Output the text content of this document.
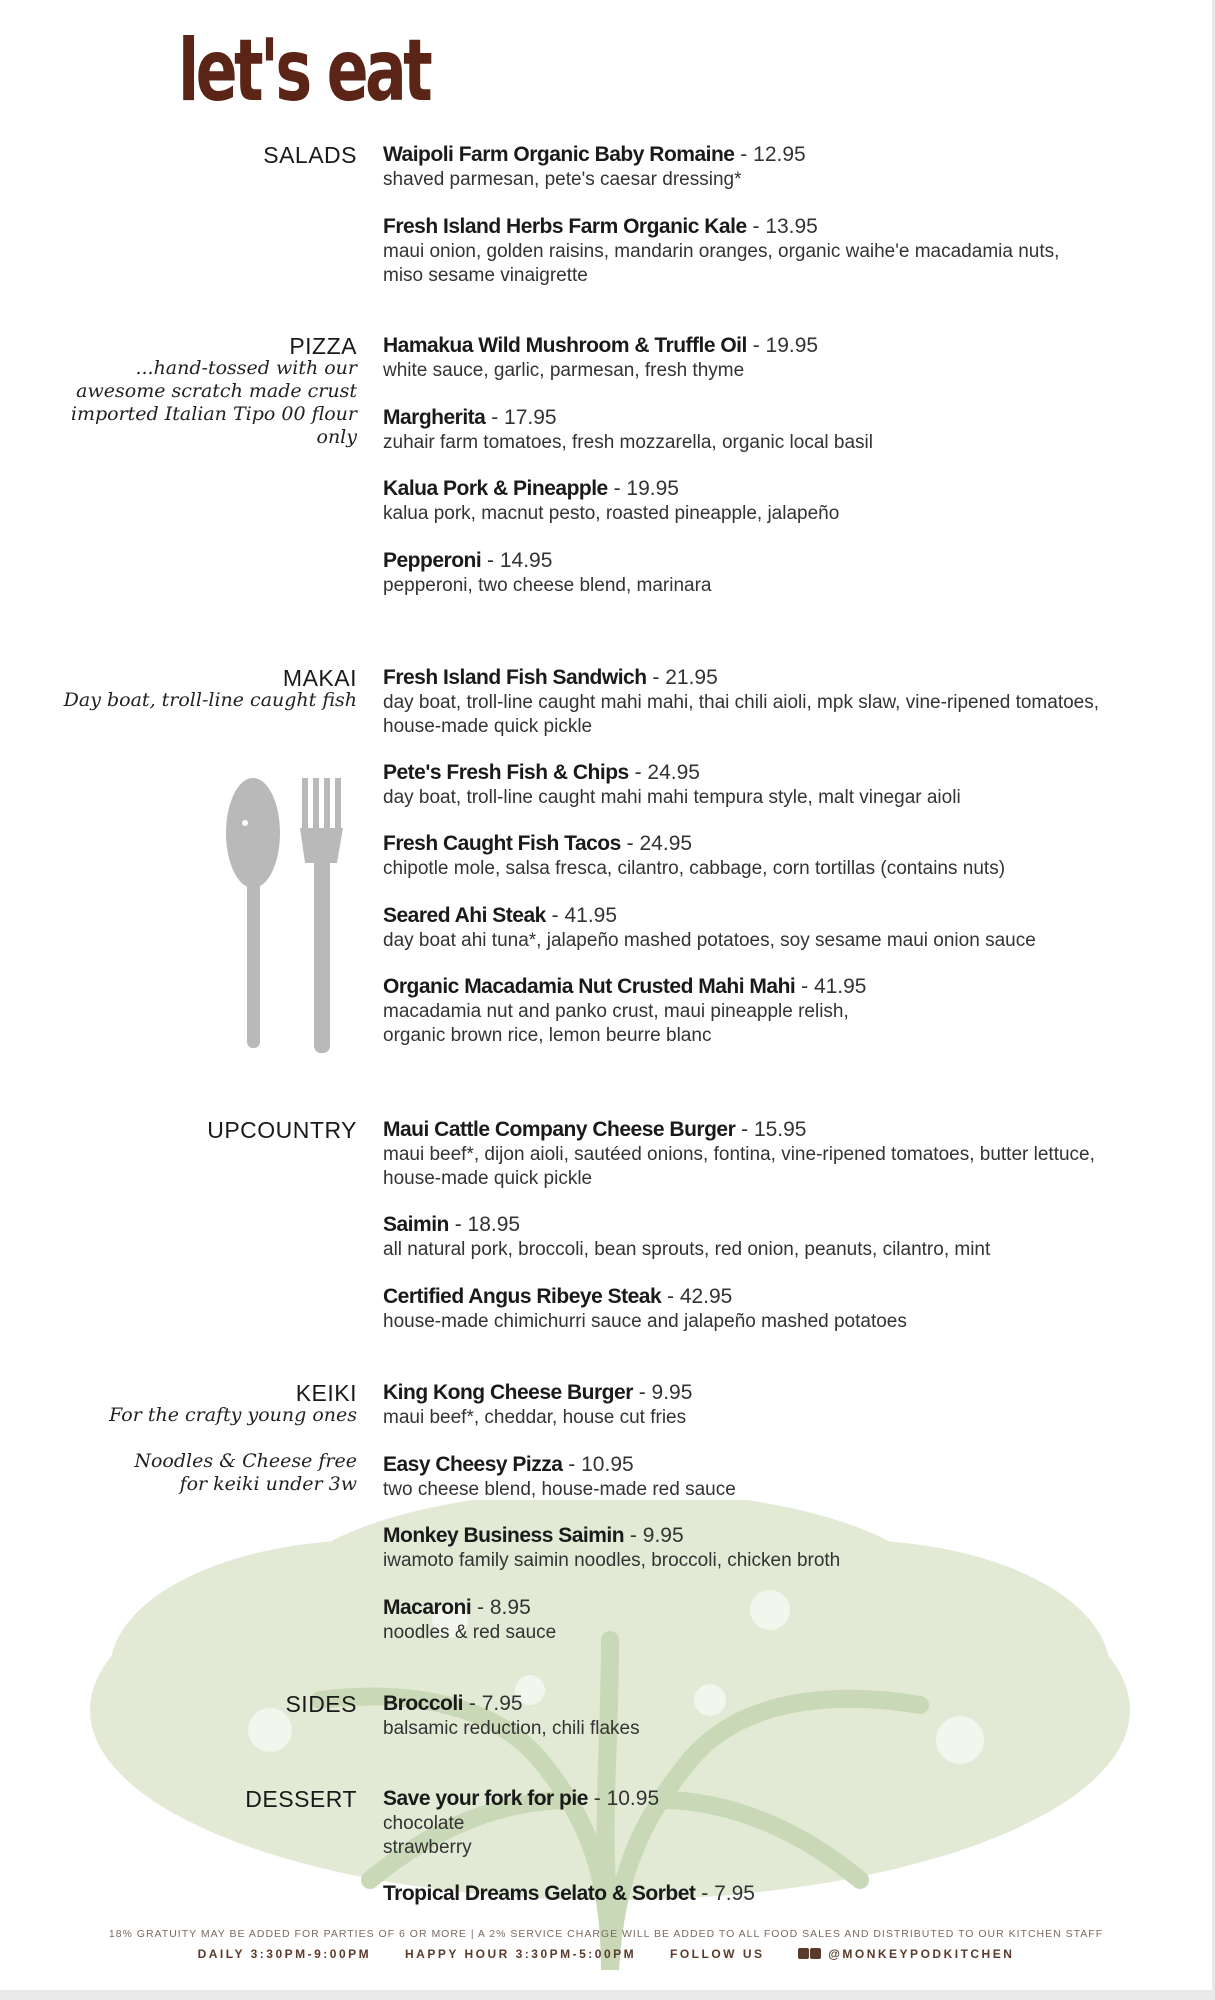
let's eat
SALADS Waipoli Farm Organic Baby Romaine - 12.95
shaved parmesan, pete's caesar dressing*
Fresh Island Herbs Farm Organic Kale - 13.95
maui onion, golden raisins, mandarin oranges, organic waihe'e macadamia nuts,
miso sesame vinaigrette
PIZZA
...hand-tossed with our
awesome scratch made crust
imported Italian Tipo 00 flour
only
Hamakua Wild Mushroom & Truffle Oil - 19.95
white sauce, garlic, parmesan, fresh thyme
Margherita - 17.95
zuhair farm tomatoes, fresh mozzarella, organic local basil
Kalua Pork & Pineapple - 19.95
kalua pork, macnut pesto, roasted pineapple, jalapeño
Pepperoni - 14.95
pepperoni, two cheese blend, marinara
MAKAI
Day boat, troll-line caught fish
Fresh Island Fish Sandwich - 21.95
day boat, troll-line caught mahi mahi, thai chili aioli, mpk slaw, vine-ripened tomatoes,
house-made quick pickle
Pete's Fresh Fish & Chips - 24.95
day boat, troll-line caught mahi mahi tempura style, malt vinegar aioli
Fresh Caught Fish Tacos - 24.95
chipotle mole, salsa fresca, cilantro, cabbage, corn tortillas (contains nuts)
Seared Ahi Steak - 41.95
day boat ahi tuna*, jalapeño mashed potatoes, soy sesame maui onion sauce
Organic Macadamia Nut Crusted Mahi Mahi - 41.95
macadamia nut and panko crust, maui pineapple relish,
organic brown rice, lemon beurre blanc
UPCOUNTRY Maui Cattle Company Cheese Burger - 15.95
maui beef*, dijon aioli, sautéed onions, fontina, vine-ripened tomatoes, butter lettuce,
house-made quick pickle
Saimin - 18.95
all natural pork, broccoli, bean sprouts, red onion, peanuts, cilantro, mint
Certified Angus Ribeye Steak - 42.95
house-made chimichurri sauce and jalapeño mashed potatoes
KEIKI
For the crafty young ones
Noodles & Cheese free
for keiki under 3w
King Kong Cheese Burger - 9.95
maui beef*, cheddar, house cut fries
Easy Cheesy Pizza - 10.95
two cheese blend, house-made red sauce
Monkey Business Saimin - 9.95
iwamoto family saimin noodles, broccoli, chicken broth
Macaroni - 8.95
noodles & red sauce
SIDES Broccoli - 7.95
balsamic reduction, chili flakes
DESSERT Save your fork for pie - 10.95
chocolate
strawberry
Tropical Dreams Gelato & Sorbet - 7.95
18% GRATUITY MAY BE ADDED FOR PARTIES OF 6 OR MORE | A 2% SERVICE CHARGE WILL BE ADDED TO ALL FOOD SALES AND DISTRIBUTED TO OUR KITCHEN STAFF
DAILY 3:30PM-9:00PM	HAPPY HOUR 3:30PM-5:00PM	FOLLOW US	@MONKEYPODKITCHEN
